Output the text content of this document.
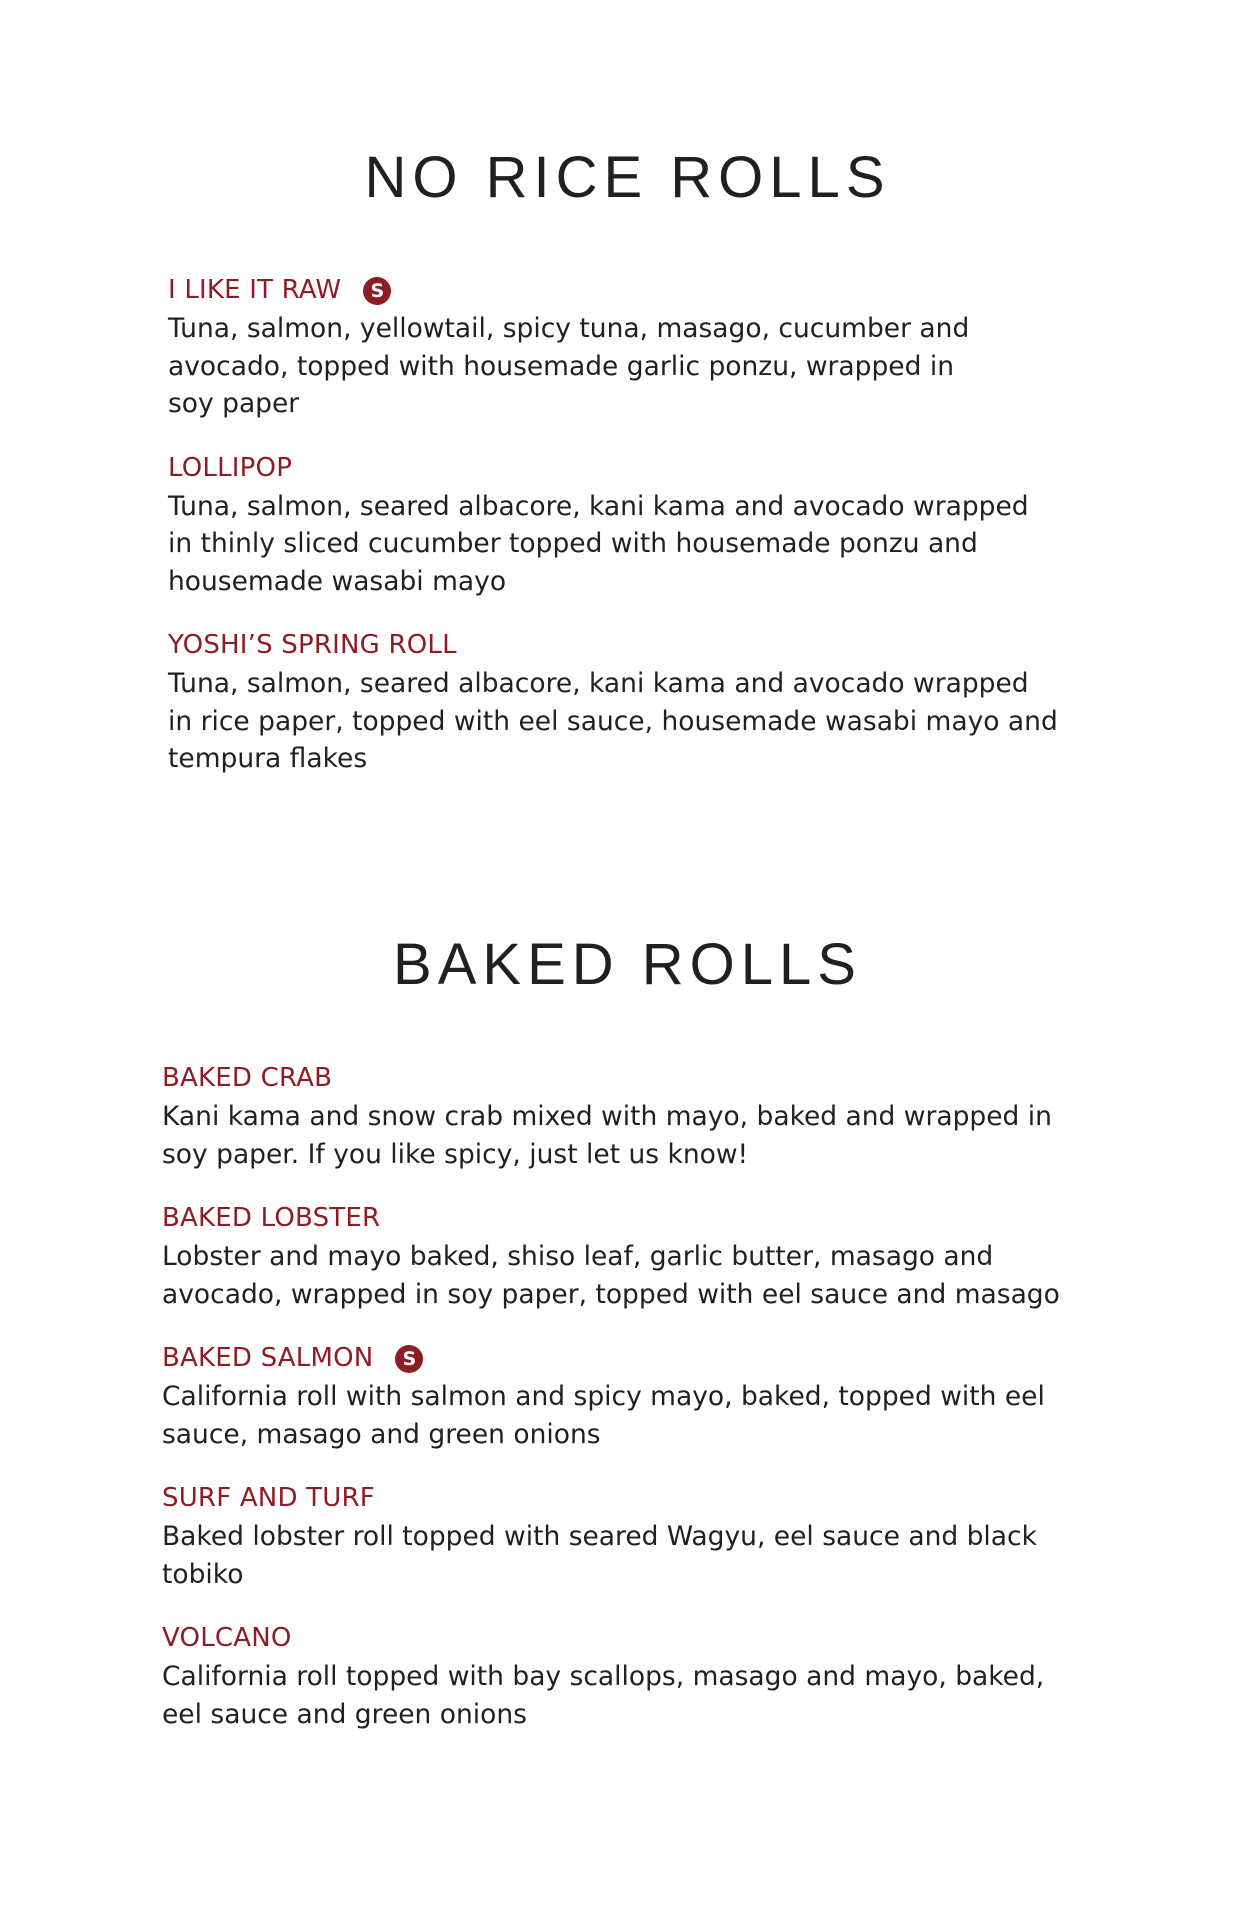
NO RICE ROLLS
I LIKE IT RAW	S

Tuna, salmon, yellowtail, spicy tuna, masago, cucumber and
avocado, topped with housemade garlic ponzu, wrapped in
soy paper

LOLLIPOP

Tuna, salmon, seared albacore, kani kama and avocado wrapped
in thinly sliced cucumber topped with housemade ponzu and
housemade wasabi mayo

YOSHI’S SPRING ROLL

Tuna, salmon, seared albacore, kani kama and avocado wrapped
in rice paper, topped with eel sauce, housemade wasabi mayo and
tempura flakes

BAKED ROLLS
BAKED CRAB

Kani kama and snow crab mixed with mayo, baked and wrapped in
soy paper. If you like spicy, just let us know!

BAKED LOBSTER

Lobster and mayo baked, shiso leaf, garlic butter, masago and
avocado, wrapped in soy paper, topped with eel sauce and masago

BAKED SALMON	S

California roll with salmon and spicy mayo, baked, topped with eel
sauce, masago and green onions

SURF AND TURF

Baked lobster roll topped with seared Wagyu, eel sauce and black
tobiko

VOLCANO

California roll topped with bay scallops, masago and mayo, baked,
eel sauce and green onions
